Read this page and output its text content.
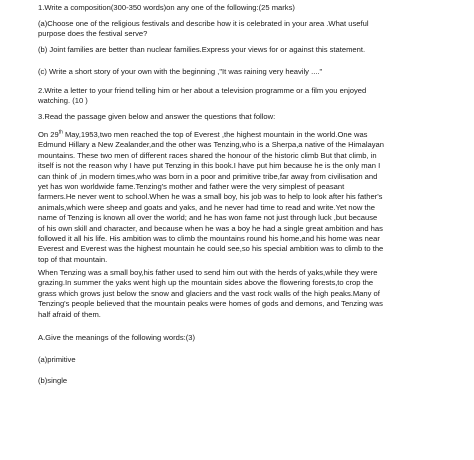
1.Write a composition(300-350 words)on any one of the following:(25 marks)
(a)Choose one of the religious festivals and describe how it is celebrated in your area .What useful
purpose does the festival serve?
(b) Joint families are better than nuclear families.Express your views for or against this statement.
(c) Write a short story of your own with the beginning ,"It was raining very heavily ...."
2.Write a letter to your friend telling him or her about a television programme or a film you enjoyed
watching. (10 )
3.Read the passage given below and answer the questions that follow:
On 29th May,1953,two men reached the top of Everest ,the highest mountain in the world.One was
Edmund Hillary a New Zealander,and the other was Tenzing,who is a Sherpa,a native of the Himalayan
mountains. These two men of different races shared the honour of the historic climb But that climb, in
itself is not the reason why I have put Tenzing in this book.I have put him because he is the only man I
can think of ,in modern times,who was born in a poor and primitive tribe,far away from civilisation and
yet has won worldwide fame.Tenzing's mother and father were the very simplest of peasant
farmers.He never went to school.When he was a small boy, his job was to help to look after his father's
animals,which were sheep and goats and yaks, and he never had time to read and write.Yet now the
name of Tenzing is known all over the world; and he has won fame not just through luck ,but because
of his own skill and character, and because when he was a boy he had a single great ambition and has
followed it all his life. His ambition was to climb the mountains round his home,and his home was near
Everest and Everest was the highest mountain he could see,so his special ambition was to climb to the
top of that mountain.
When Tenzing was a small boy,his father used to send him out with the herds of yaks,while they were
grazing.In summer the yaks went high up the mountain sides above the flowering forests,to crop the
grass which grows just below the snow and glaciers and the vast rock walls of the high peaks.Many of
Tenzing's people believed that the mountain peaks were homes of gods and demons, and Tenzing was
half afraid of them.
A.Give the meanings of the following words:(3)
(a)primitive
(b)single
